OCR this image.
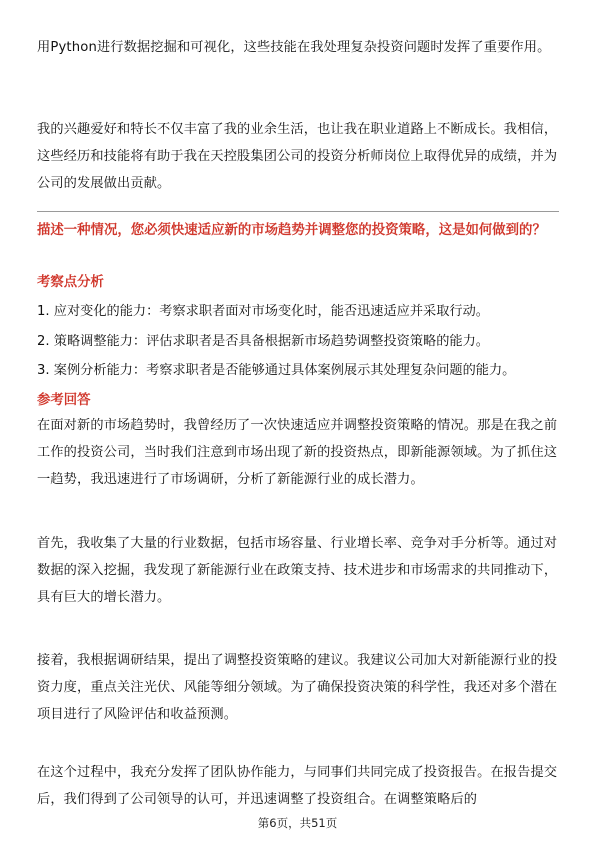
用Python进行数据挖掘和可视化，这些技能在我处理复杂投资问题时发挥了重要作用。

我的兴趣爱好和特长不仅丰富了我的业余生活，也让我在职业道路上不断成长。我相信，这些经历和技能将有助于我在天控股集团公司的投资分析师岗位上取得优异的成绩，并为公司的发展做出贡献。

描述一种情况，您必须快速适应新的市场趋势并调整您的投资策略，这是如何做到的？

考察点分析

1. 应对变化的能力：考察求职者面对市场变化时，能否迅速适应并采取行动。
2. 策略调整能力：评估求职者是否具备根据新市场趋势调整投资策略的能力。
3. 案例分析能力：考察求职者是否能够通过具体案例展示其处理复杂问题的能力。

参考回答

在面对新的市场趋势时，我曾经历了一次快速适应并调整投资策略的情况。那是在我之前工作的投资公司，当时我们注意到市场出现了新的投资热点，即新能源领域。为了抓住这一趋势，我迅速进行了市场调研，分析了新能源行业的成长潜力。

首先，我收集了大量的行业数据，包括市场容量、行业增长率、竞争对手分析等。通过对数据的深入挖掘，我发现了新能源行业在政策支持、技术进步和市场需求的共同推动下，具有巨大的增长潜力。

接着，我根据调研结果，提出了调整投资策略的建议。我建议公司加大对新能源行业的投资力度，重点关注光伏、风能等细分领域。为了确保投资决策的科学性，我还对多个潜在项目进行了风险评估和收益预测。

在这个过程中，我充分发挥了团队协作能力，与同事们共同完成了投资报告。在报告提交后，我们得到了公司领导的认可，并迅速调整了投资组合。在调整策略后的

第6页，共51页
